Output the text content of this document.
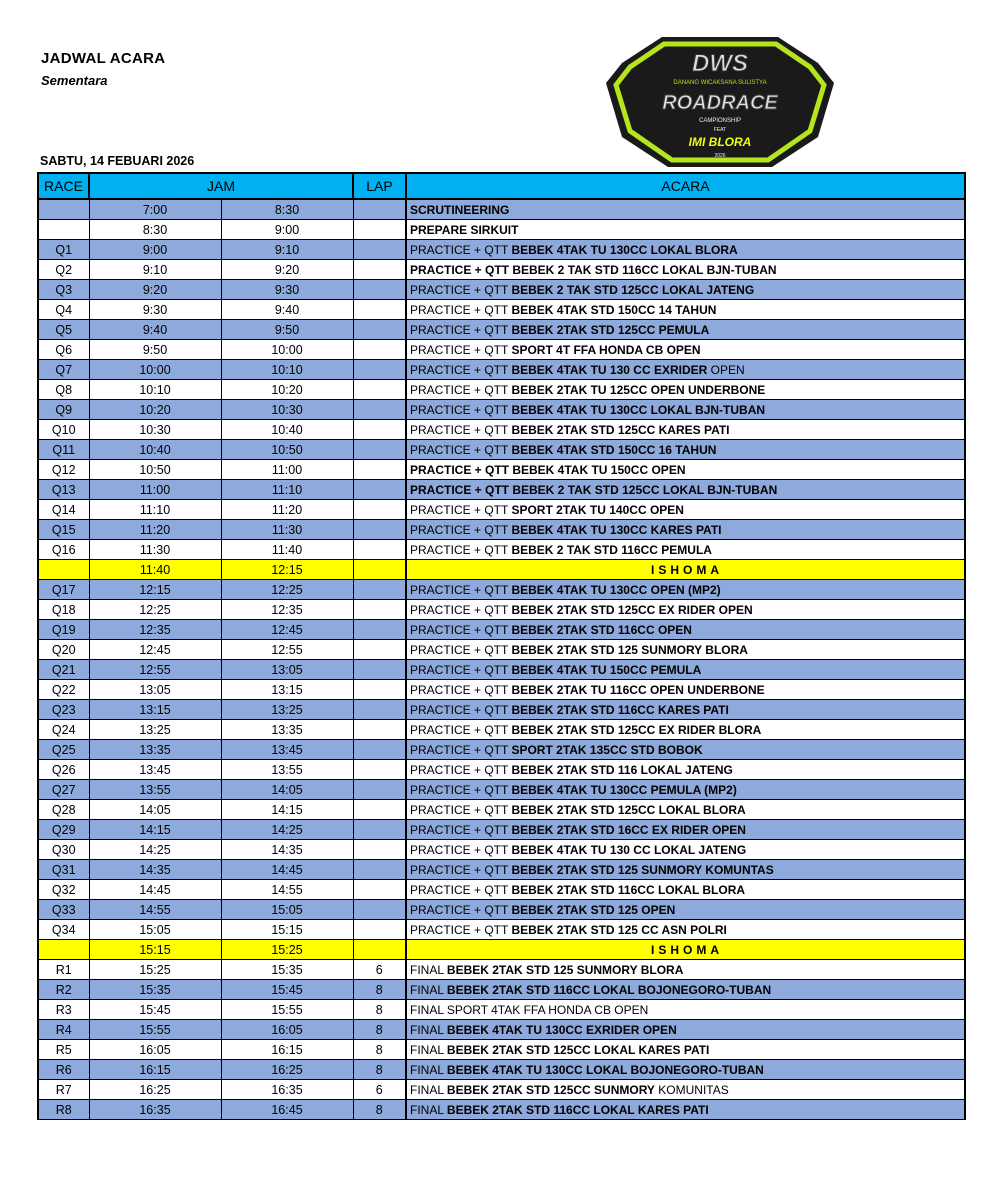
JADWAL ACARA
Sementara
SABTU, 14 FEBUARI 2026
DWS
DANANG WICAKSANA SULISTYA
ROADRACE
CAMPIONSHIP
FEAT
IMI BLORA
2026
RACE	JAM		LAP	ACARA
	7:00	8:30		SCRUTINEERING
	8:30	9:00		PREPARE SIRKUIT
Q1	9:00	9:10		PRACTICE + QTT BEBEK 4TAK TU 130CC LOKAL BLORA
Q2	9:10	9:20		PRACTICE + QTT BEBEK 2 TAK STD 116CC LOKAL BJN-TUBAN
Q3	9:20	9:30		PRACTICE + QTT BEBEK 2 TAK STD 125CC LOKAL JATENG
Q4	9:30	9:40		PRACTICE + QTT BEBEK 4TAK STD 150CC 14 TAHUN
Q5	9:40	9:50		PRACTICE + QTT BEBEK 2TAK STD 125CC PEMULA
Q6	9:50	10:00		PRACTICE + QTT SPORT 4T FFA HONDA CB OPEN
Q7	10:00	10:10		PRACTICE + QTT BEBEK 4TAK TU 130 CC EXRIDER OPEN
Q8	10:10	10:20		PRACTICE + QTT BEBEK 2TAK TU 125CC OPEN UNDERBONE
Q9	10:20	10:30		PRACTICE + QTT BEBEK 4TAK TU 130CC LOKAL BJN-TUBAN
Q10	10:30	10:40		PRACTICE + QTT BEBEK 2TAK STD 125CC KARES PATI
Q11	10:40	10:50		PRACTICE + QTT BEBEK 4TAK STD 150CC 16 TAHUN
Q12	10:50	11:00		PRACTICE + QTT BEBEK 4TAK TU 150CC OPEN
Q13	11:00	11:10		PRACTICE + QTT BEBEK 2 TAK STD 125CC LOKAL BJN-TUBAN
Q14	11:10	11:20		PRACTICE + QTT SPORT 2TAK TU 140CC OPEN
Q15	11:20	11:30		PRACTICE + QTT BEBEK 4TAK TU 130CC KARES PATI
Q16	11:30	11:40		PRACTICE + QTT BEBEK 2 TAK STD 116CC PEMULA
	11:40	12:15		ISHOMA
Q17	12:15	12:25		PRACTICE + QTT BEBEK 4TAK TU 130CC OPEN (MP2)
Q18	12:25	12:35		PRACTICE + QTT BEBEK 2TAK STD 125CC EX RIDER OPEN
Q19	12:35	12:45		PRACTICE + QTT BEBEK 2TAK STD 116CC OPEN
Q20	12:45	12:55		PRACTICE + QTT BEBEK 2TAK STD 125 SUNMORY BLORA
Q21	12:55	13:05		PRACTICE + QTT BEBEK 4TAK TU 150CC PEMULA
Q22	13:05	13:15		PRACTICE + QTT BEBEK 2TAK TU 116CC OPEN UNDERBONE
Q23	13:15	13:25		PRACTICE + QTT BEBEK 2TAK STD 116CC KARES PATI
Q24	13:25	13:35		PRACTICE + QTT BEBEK 2TAK STD 125CC EX RIDER BLORA
Q25	13:35	13:45		PRACTICE + QTT SPORT 2TAK 135CC STD BOBOK
Q26	13:45	13:55		PRACTICE + QTT BEBEK 2TAK STD 116 LOKAL JATENG
Q27	13:55	14:05		PRACTICE + QTT BEBEK 4TAK TU 130CC PEMULA (MP2)
Q28	14:05	14:15		PRACTICE + QTT BEBEK 2TAK STD 125CC LOKAL BLORA
Q29	14:15	14:25		PRACTICE + QTT BEBEK 2TAK STD 16CC EX RIDER OPEN
Q30	14:25	14:35		PRACTICE + QTT BEBEK 4TAK TU 130 CC LOKAL JATENG
Q31	14:35	14:45		PRACTICE + QTT BEBEK 2TAK STD 125 SUNMORY KOMUNTAS
Q32	14:45	14:55		PRACTICE + QTT BEBEK 2TAK STD 116CC LOKAL BLORA
Q33	14:55	15:05		PRACTICE + QTT BEBEK 2TAK STD 125 OPEN
Q34	15:05	15:15		PRACTICE + QTT BEBEK 2TAK STD 125 CC ASN POLRI
	15:15	15:25		ISHOMA
R1	15:25	15:35	6	FINAL BEBEK 2TAK STD 125 SUNMORY BLORA
R2	15:35	15:45	8	FINAL BEBEK 2TAK STD 116CC LOKAL BOJONEGORO-TUBAN
R3	15:45	15:55	8	FINAL SPORT 4TAK FFA HONDA CB OPEN
R4	15:55	16:05	8	FINAL BEBEK 4TAK TU 130CC EXRIDER OPEN
R5	16:05	16:15	8	FINAL BEBEK 2TAK STD 125CC LOKAL KARES PATI
R6	16:15	16:25	8	FINAL BEBEK 4TAK TU 130CC LOKAL BOJONEGORO-TUBAN
R7	16:25	16:35	6	FINAL BEBEK 2TAK STD 125CC SUNMORY KOMUNITAS
R8	16:35	16:45	8	FINAL BEBEK 2TAK STD 116CC LOKAL KARES PATI
